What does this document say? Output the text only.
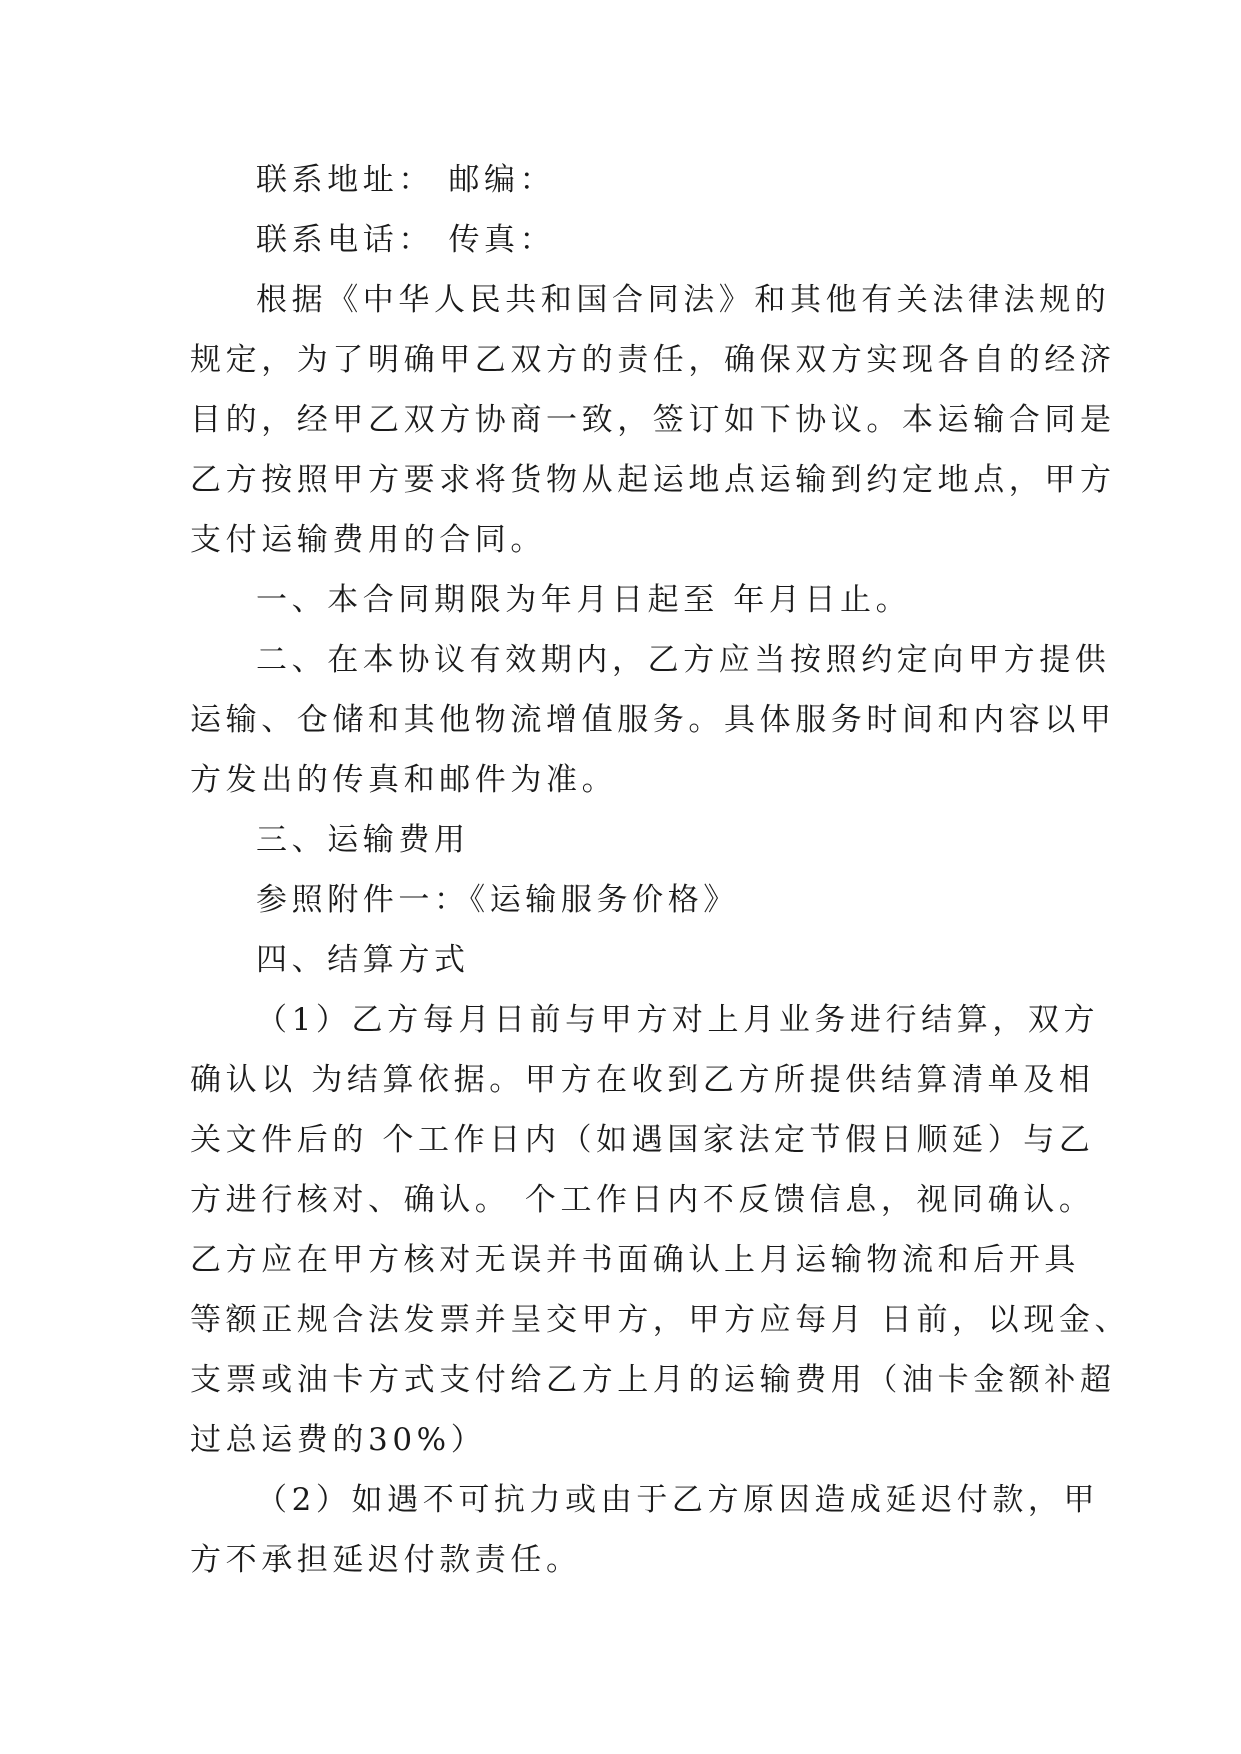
联系地址： 邮编：
联系电话： 传真：
根据《中华人民共和国合同法》和其他有关法律法规的
规定，为了明确甲乙双方的责任，确保双方实现各自的经济
目的，经甲乙双方协商一致，签订如下协议。本运输合同是
乙方按照甲方要求将货物从起运地点运输到约定地点，甲方
支付运输费用的合同。
一、本合同期限为年月日起至 年月日止。
二、在本协议有效期内，乙方应当按照约定向甲方提供
运输、仓储和其他物流增值服务。具体服务时间和内容以甲
方发出的传真和邮件为准。
三、运输费用
参照附件一：《运输服务价格》
四、结算方式
（1）乙方每月日前与甲方对上月业务进行结算，双方
确认以 为结算依据。甲方在收到乙方所提供结算清单及相
关文件后的 个工作日内（如遇国家法定节假日顺延）与乙
方进行核对、确认。 个工作日内不反馈信息，视同确认。
乙方应在甲方核对无误并书面确认上月运输物流和后开具
等额正规合法发票并呈交甲方，甲方应每月 日前，以现金、
支票或油卡方式支付给乙方上月的运输费用（油卡金额补超
过总运费的30%）
（2）如遇不可抗力或由于乙方原因造成延迟付款，甲
方不承担延迟付款责任。
